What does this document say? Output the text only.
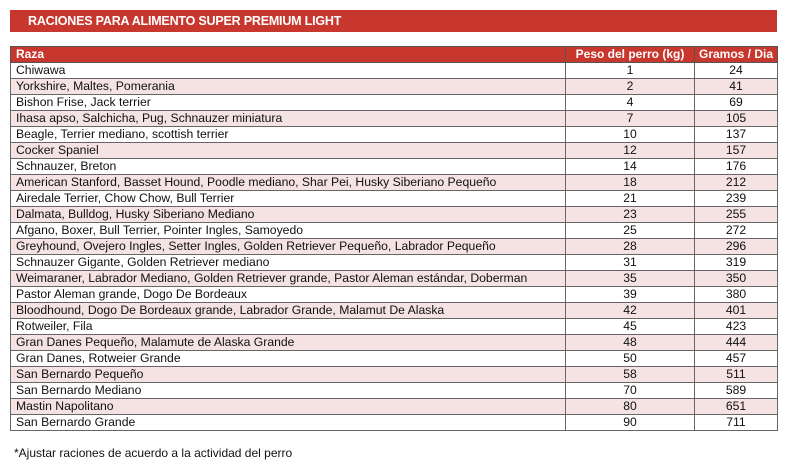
RACIONES PARA ALIMENTO SUPER PREMIUM LIGHT
Raza	Peso del perro (kg)	Gramos / Dia
Chiwawa	1	24
Yorkshire, Maltes, Pomerania	2	41
Bishon Frise, Jack terrier	4	69
Ihasa apso, Salchicha, Pug, Schnauzer miniatura	7	105
Beagle, Terrier mediano, scottish terrier	10	137
Cocker Spaniel	12	157
Schnauzer, Breton	14	176
American Stanford, Basset Hound, Poodle mediano, Shar Pei, Husky Siberiano Pequeño	18	212
Airedale Terrier, Chow Chow, Bull Terrier	21	239
Dalmata, Bulldog, Husky Siberiano Mediano	23	255
Afgano, Boxer, Bull Terrier, Pointer Ingles, Samoyedo	25	272
Greyhound, Ovejero Ingles, Setter Ingles, Golden Retriever Pequeño, Labrador Pequeño	28	296
Schnauzer Gigante, Golden Retriever mediano	31	319
Weimaraner, Labrador Mediano, Golden Retriever grande, Pastor Aleman estándar, Doberman	35	350
Pastor Aleman grande, Dogo De Bordeaux	39	380
Bloodhound, Dogo De Bordeaux grande, Labrador Grande, Malamut De Alaska	42	401
Rotweiler, Fila	45	423
Gran Danes Pequeño, Malamute de Alaska Grande	48	444
Gran Danes, Rotweier Grande	50	457
San Bernardo Pequeño	58	511
San Bernardo Mediano	70	589
Mastin Napolitano	80	651
San Bernardo Grande	90	711
*Ajustar raciones de acuerdo a la actividad del perro
